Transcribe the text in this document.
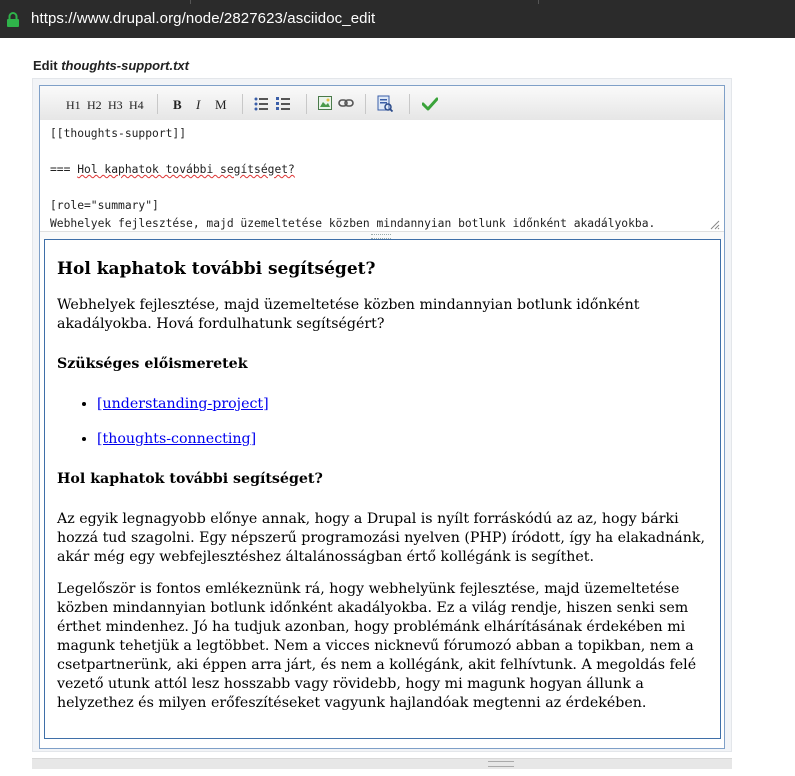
https://www.drupal.org/node/2827623/asciidoc_edit
Edit thoughts-support.txt
H1 H2 H3 H4 B I M
[[thoughts-support]]
=== Hol kaphatok további segítséget?
[role="summary"]
Webhelyek fejlesztése, majd üzemeltetése közben mindannyian botlunk időnként akadályokba.
Hol kaphatok további segítséget?

Webhelyek fejlesztése, majd üzemeltetése közben mindannyian botlunk időnként akadályokba. Hová fordulhatunk segítségért?

Szükséges előismeretek
• [understanding-project]
• [thoughts-connecting]
Hol kaphatok további segítséget?

Az egyik legnagyobb előnye annak, hogy a Drupal is nyílt forráskódú az az, hogy bárki hozzá tud szagolni. Egy népszerű programozási nyelven (PHP) íródott, így ha elakadnánk, akár még egy webfejlesztéshez általánosságban értő kollégánk is segíthet.

Legelőször is fontos emlékeznünk rá, hogy webhelyünk fejlesztése, majd üzemeltetése közben mindannyian botlunk időnként akadályokba. Ez a világ rendje, hiszen senki sem érthet mindenhez. Jó ha tudjuk azonban, hogy problémánk elhárításának érdekében mi magunk tehetjük a legtöbbet. Nem a vicces nicknevű fórumozó abban a topikban, nem a csetpartnerünk, aki éppen arra járt, és nem a kollégánk, akit felhívtunk. A megoldás felé vezető utunk attól lesz hosszabb vagy rövidebb, hogy mi magunk hogyan állunk a helyzethez és milyen erőfeszítéseket vagyunk hajlandóak megtenni az érdekében.
